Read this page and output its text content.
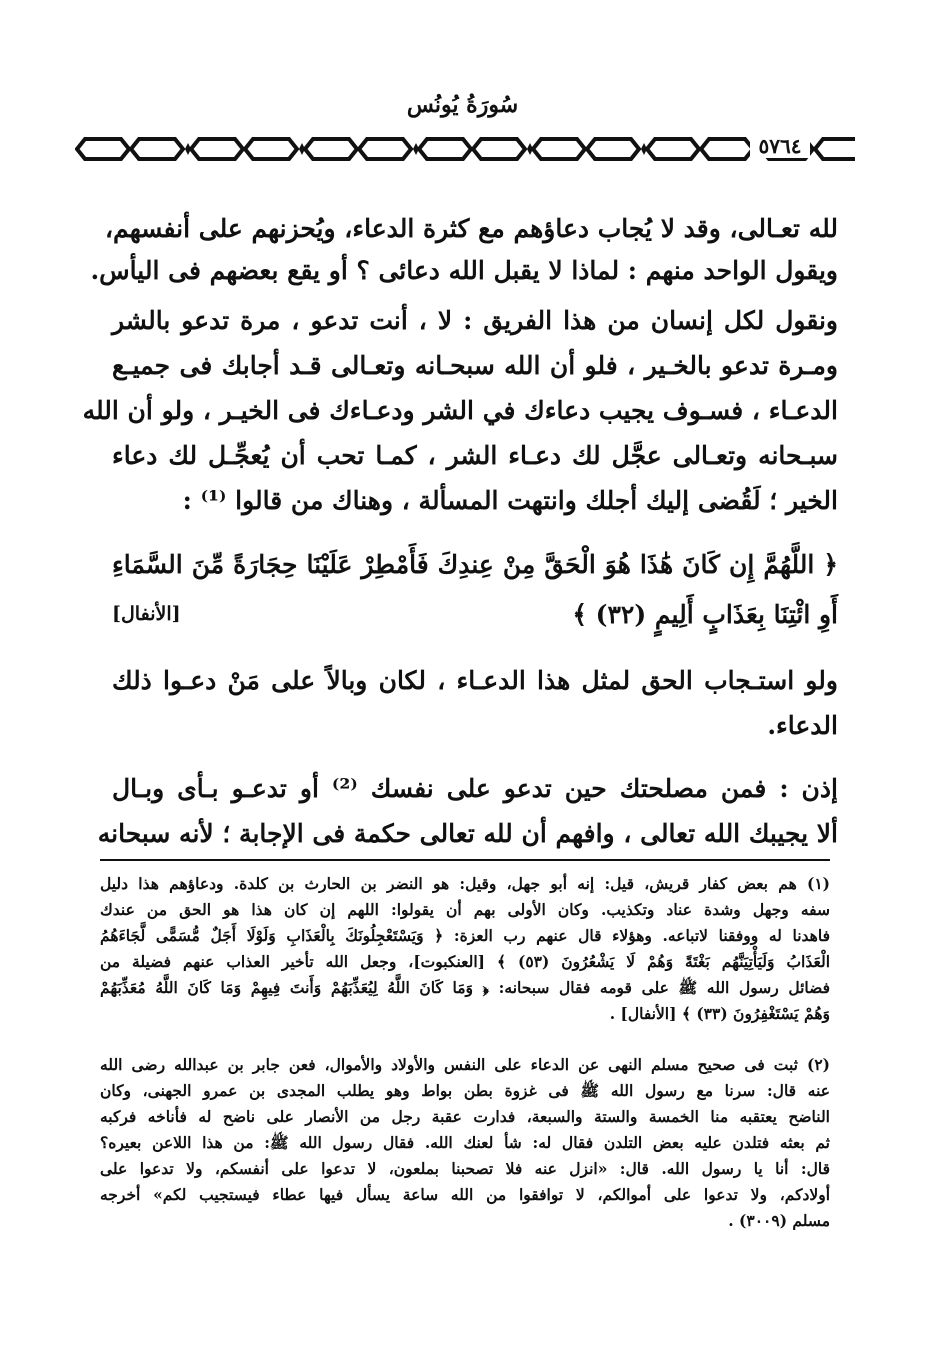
سُورَةُ يُونُس
٥٧٦٤
لله تعـالى، وقد لا يُجاب دعاؤهم مع كثرة الدعاء، ويُحزنهم على أنفسهم،
ويقول الواحد منهم : لماذا لا يقبل الله دعائى ؟ أو يقع بعضهم فى اليأس.
ونقول لكل إنسان من هذا الفريق : لا ، أنت تدعو ، مرة تدعو بالشر
ومـرة تدعو بالخـير ، فلو أن الله سبحـانه وتعـالى قـد أجابك فى جميـع
الدعـاء ، فسـوف يجيب دعاءك في الشر ودعـاءك فى الخيـر ، ولو أن الله
سبـحانه وتعـالى عجَّل لك دعـاء الشر ، كمـا تحب أن يُعجِّـل لك دعاء
الخير ؛ لَقُضى إليك أجلك وانتهت المسألة ، وهناك من قالوا ⁽¹⁾ :
﴿ اللَّهُمَّ إِن كَانَ هَٰذَا هُوَ الْحَقَّ مِنْ عِندِكَ فَأَمْطِرْ عَلَيْنَا حِجَارَةً مِّنَ السَّمَاءِ
أَوِ ائْتِنَا بِعَذَابٍ أَلِيمٍ (٣٢) ﴾
[الأنفال]
ولو استـجاب الحق لمثل هذا الدعـاء ، لكان وبالاً على مَنْ دعـوا ذلك
الدعاء.
إذن : فمن مصلحتك حين تدعو على نفسك ⁽²⁾ أو تدعـو بـأى وبـال
ألا يجيبك الله تعالى ، وافهم أن لله تعالى حكمة فى الإجابة ؛ لأنه سبحانه
(١) هم بعض كفار قريش، قيل: إنه أبو جهل، وقيل: هو النضر بن الحارث بن كلدة. ودعاؤهم هذا دليل
سفه وجهل وشدة عناد وتكذيب. وكان الأولى بهم أن يقولوا: اللهم إن كان هذا هو الحق من عندك
فاهدنا له ووفقنا لاتباعه. وهؤلاء قال عنهم رب العزة: ﴿ وَيَسْتَعْجِلُونَكَ بِالْعَذَابِ وَلَوْلَا أَجَلٌ مُّسَمًّى لَّجَاءَهُمُ
الْعَذَابُ وَلَيَأْتِيَنَّهُم بَغْتَةً وَهُمْ لَا يَشْعُرُونَ (٥٣) ﴾ [العنكبوت]، وجعل الله تأخير العذاب عنهم فضيلة من
فضائل رسول الله ﷺ على قومه فقال سبحانه: ﴿ وَمَا كَانَ اللَّهُ لِيُعَذِّبَهُمْ وَأَنتَ فِيهِمْ وَمَا كَانَ اللَّهُ مُعَذِّبَهُمْ
وَهُمْ يَسْتَغْفِرُونَ (٣٣) ﴾ [الأنفال] .
(٢) ثبت فى صحيح مسلم النهى عن الدعاء على النفس والأولاد والأموال، فعن جابر بن عبدالله رضى الله
عنه قال: سرنا مع رسول الله ﷺ فى غزوة بطن بواط وهو يطلب المجدى بن عمرو الجهنى، وكان
الناضح يعتقبه منا الخمسة والستة والسبعة، فدارت عقبة رجل من الأنصار على ناضح له فأناخه فركبه
ثم بعثه فتلدن عليه بعض التلدن فقال له: شأ لعنك الله. فقال رسول الله ﷺ: من هذا اللاعن بعيره؟
قال: أنا يا رسول الله. قال: «انزل عنه فلا تصحبنا بملعون، لا تدعوا على أنفسكم، ولا تدعوا على
أولادكم، ولا تدعوا على أموالكم، لا توافقوا من الله ساعة يسأل فيها عطاء فيستجيب لكم» أخرجه
مسلم (٣٠٠٩) .
